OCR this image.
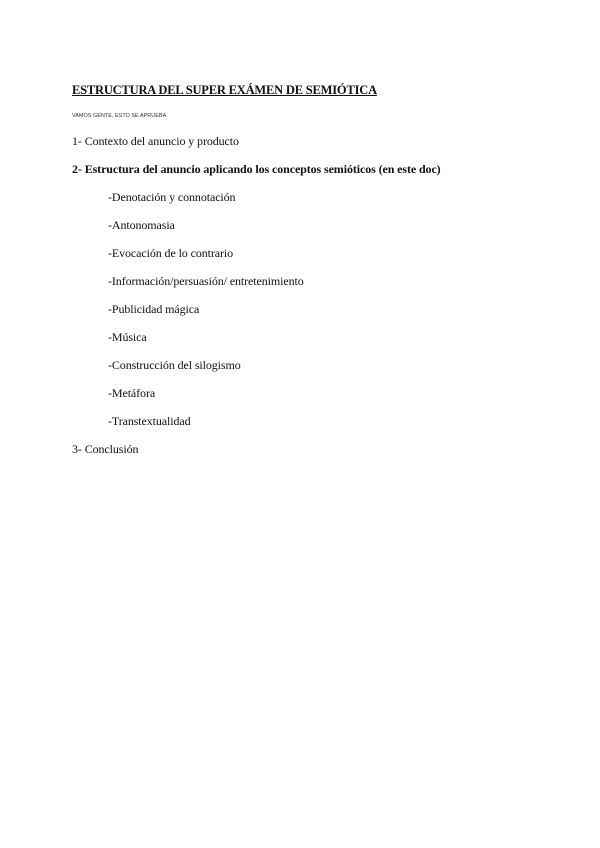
ESTRUCTURA DEL SUPER EXÁMEN DE SEMIÓTICA
VAMOS GENTE, ESTO SE APRUEBA
1- Contexto del anuncio y producto
2- Estructura del anuncio aplicando los conceptos semióticos (en este doc)
-Denotación y connotación
-Antonomasia
-Evocación de lo contrario
-Información/persuasión/ entretenimiento
-Publicidad mágica
-Música
-Construcción del silogismo
-Metáfora
-Transtextualidad
3- Conclusión
